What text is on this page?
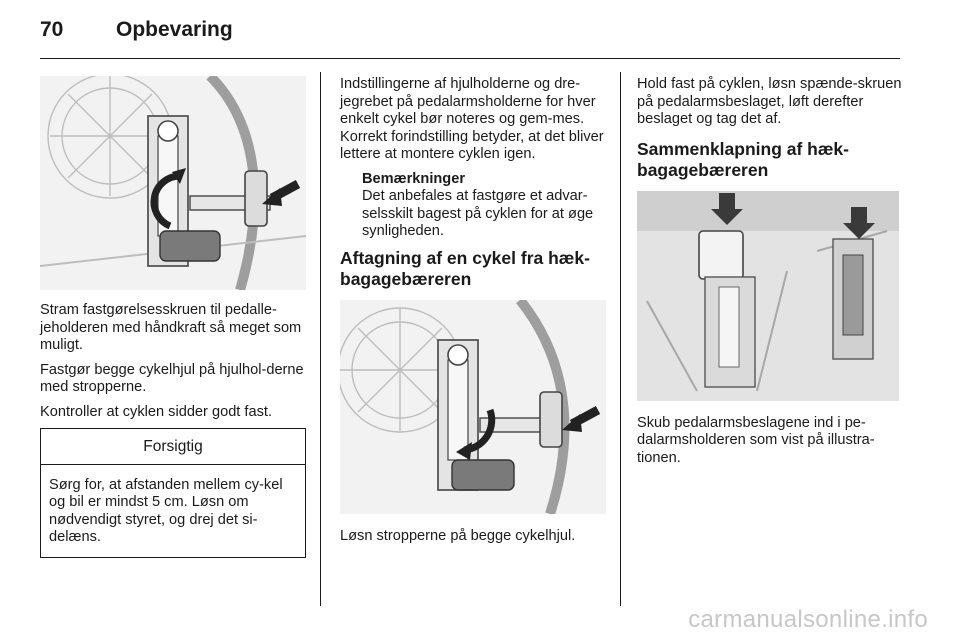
70	Opbevaring

Stram fastgørelsesskruen til pedalle-jeholderen med håndkraft så meget som muligt.

Fastgør begge cykelhjul på hjulhol-derne med stropperne.

Kontroller at cyklen sidder godt fast.

Forsigtig
Sørg for, at afstanden mellem cy-kel og bil er mindst 5 cm. Løsn om nødvendigt styret, og drej det si-delæns.

Indstillingerne af hjulholderne og dre-jegrebet på pedalarmsholderne for hver enkelt cykel bør noteres og gem-mes. Korrekt forindstilling betyder, at det bliver lettere at montere cyklen igen.

Bemærkninger

Det anbefales at fastgøre et advar-selsskilt bagest på cyklen for at øge synligheden.

Aftagning af en cykel fra hæk-bagagebæreren

Løsn stropperne på begge cykelhjul.

Hold fast på cyklen, løsn spænde-skruen på pedalarmsbeslaget, løft derefter beslaget og tag det af.

Sammenklapning af hæk-bagagebæreren

Skub pedalarmsbeslagene ind i pe-dalarmsholderen som vist på illustra-tionen.

carmanualsonline.info
